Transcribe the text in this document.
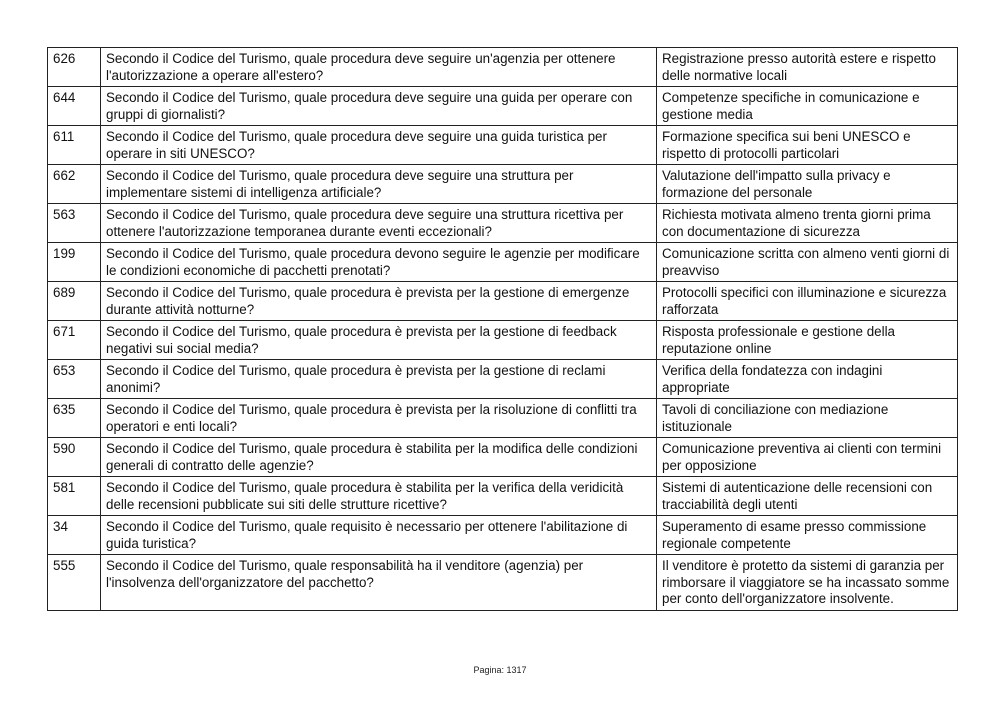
626	Secondo il Codice del Turismo, quale procedura deve seguire un'agenzia per ottenere l'autorizzazione a operare all'estero?	Registrazione presso autorità estere e rispetto delle normative locali
644	Secondo il Codice del Turismo, quale procedura deve seguire una guida per operare con gruppi di giornalisti?	Competenze specifiche in comunicazione e gestione media
611	Secondo il Codice del Turismo, quale procedura deve seguire una guida turistica per operare in siti UNESCO?	Formazione specifica sui beni UNESCO e rispetto di protocolli particolari
662	Secondo il Codice del Turismo, quale procedura deve seguire una struttura per implementare sistemi di intelligenza artificiale?	Valutazione dell'impatto sulla privacy e formazione del personale
563	Secondo il Codice del Turismo, quale procedura deve seguire una struttura ricettiva per ottenere l'autorizzazione temporanea durante eventi eccezionali?	Richiesta motivata almeno trenta giorni prima con documentazione di sicurezza
199	Secondo il Codice del Turismo, quale procedura devono seguire le agenzie per modificare le condizioni economiche di pacchetti prenotati?	Comunicazione scritta con almeno venti giorni di preavviso
689	Secondo il Codice del Turismo, quale procedura è prevista per la gestione di emergenze durante attività notturne?	Protocolli specifici con illuminazione e sicurezza rafforzata
671	Secondo il Codice del Turismo, quale procedura è prevista per la gestione di feedback negativi sui social media?	Risposta professionale e gestione della reputazione online
653	Secondo il Codice del Turismo, quale procedura è prevista per la gestione di reclami anonimi?	Verifica della fondatezza con indagini appropriate
635	Secondo il Codice del Turismo, quale procedura è prevista per la risoluzione di conflitti tra operatori e enti locali?	Tavoli di conciliazione con mediazione istituzionale
590	Secondo il Codice del Turismo, quale procedura è stabilita per la modifica delle condizioni generali di contratto delle agenzie?	Comunicazione preventiva ai clienti con termini per opposizione
581	Secondo il Codice del Turismo, quale procedura è stabilita per la verifica della veridicità delle recensioni pubblicate sui siti delle strutture ricettive?	Sistemi di autenticazione delle recensioni con tracciabilità degli utenti
34	Secondo il Codice del Turismo, quale requisito è necessario per ottenere l'abilitazione di guida turistica?	Superamento di esame presso commissione regionale competente
555	Secondo il Codice del Turismo, quale responsabilità ha il venditore (agenzia) per l'insolvenza dell'organizzatore del pacchetto?	Il venditore è protetto da sistemi di garanzia per rimborsare il viaggiatore se ha incassato somme per conto dell'organizzatore insolvente.
Pagina: 1317
